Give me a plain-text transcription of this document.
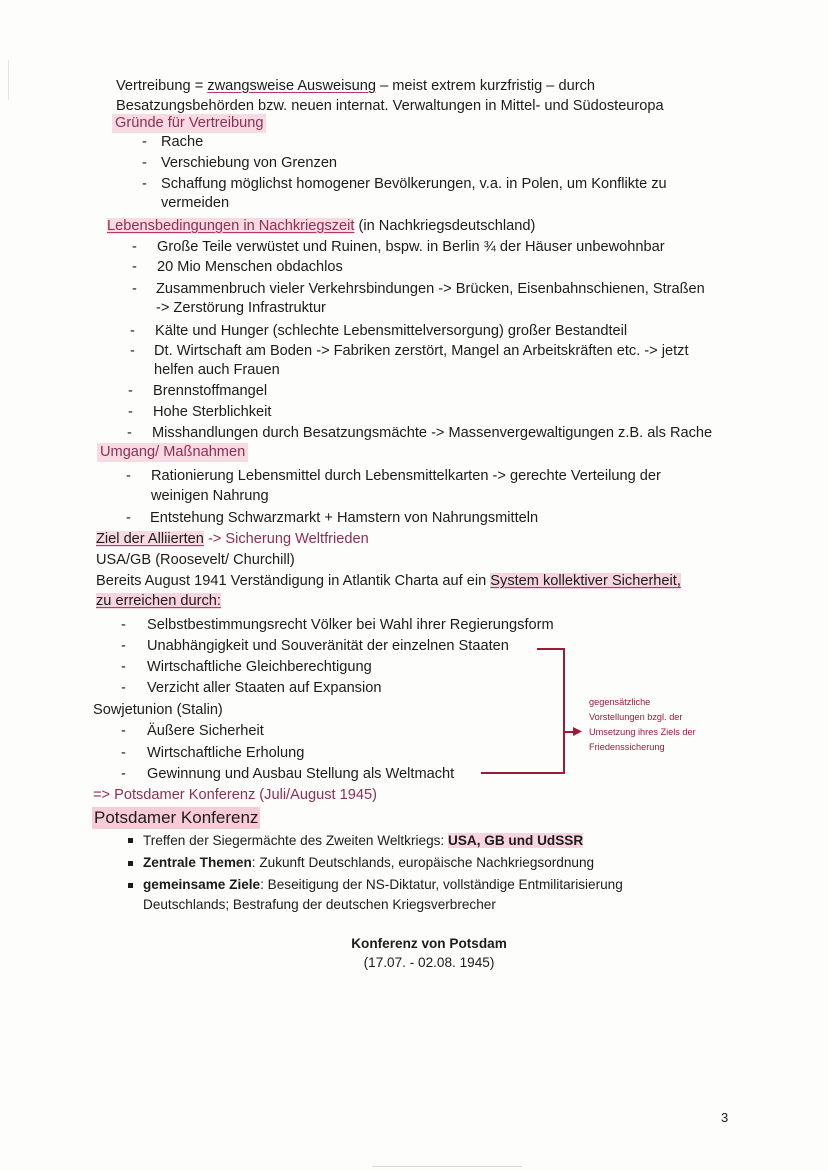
Vertreibung = zwangsweise Ausweisung – meist extrem kurzfristig – durch
Besatzungsbehörden bzw. neuen internat. Verwaltungen in Mittel- und Südosteuropa
Gründe für Vertreibung
- Rache
- Verschiebung von Grenzen
- Schaffung möglichst homogener Bevölkerungen, v.a. in Polen, um Konflikte zu
vermeiden
Lebensbedingungen in Nachkriegszeit (in Nachkriegsdeutschland)
- Große Teile verwüstet und Ruinen, bspw. in Berlin ¾ der Häuser unbewohnbar
- 20 Mio Menschen obdachlos
- Zusammenbruch vieler Verkehrsbindungen -> Brücken, Eisenbahnschienen, Straßen
-> Zerstörung Infrastruktur
- Kälte und Hunger (schlechte Lebensmittelversorgung) großer Bestandteil
- Dt. Wirtschaft am Boden -> Fabriken zerstört, Mangel an Arbeitskräften etc. -> jetzt
helfen auch Frauen
- Brennstoffmangel
- Hohe Sterblichkeit
- Misshandlungen durch Besatzungsmächte -> Massenvergewaltigungen z.B. als Rache
Umgang/ Maßnahmen
- Rationierung Lebensmittel durch Lebensmittelkarten -> gerechte Verteilung der
weinigen Nahrung
- Entstehung Schwarzmarkt + Hamstern von Nahrungsmitteln
Ziel der Alliierten -> Sicherung Weltfrieden
USA/GB (Roosevelt/ Churchill)
Bereits August 1941 Verständigung in Atlantik Charta auf ein System kollektiver Sicherheit,
zu erreichen durch:
- Selbstbestimmungsrecht Völker bei Wahl ihrer Regierungsform
- Unabhängigkeit und Souveränität der einzelnen Staaten
- Wirtschaftliche Gleichberechtigung
- Verzicht aller Staaten auf Expansion
Sowjetunion (Stalin)
- Äußere Sicherheit
- Wirtschaftliche Erholung
- Gewinnung und Ausbau Stellung als Weltmacht
gegensätzliche
Vorstellungen bzgl. der
Umsetzung ihres Ziels der
Friedenssicherung
=> Potsdamer Konferenz (Juli/August 1945)
Potsdamer Konferenz
Treffen der Siegermächte des Zweiten Weltkriegs: USA, GB und UdSSR
Zentrale Themen: Zukunft Deutschlands, europäische Nachkriegsordnung
gemeinsame Ziele: Beseitigung der NS-Diktatur, vollständige Entmilitarisierung
Deutschlands; Bestrafung der deutschen Kriegsverbrecher
Konferenz von Potsdam
(17.07. - 02.08. 1945)
3
